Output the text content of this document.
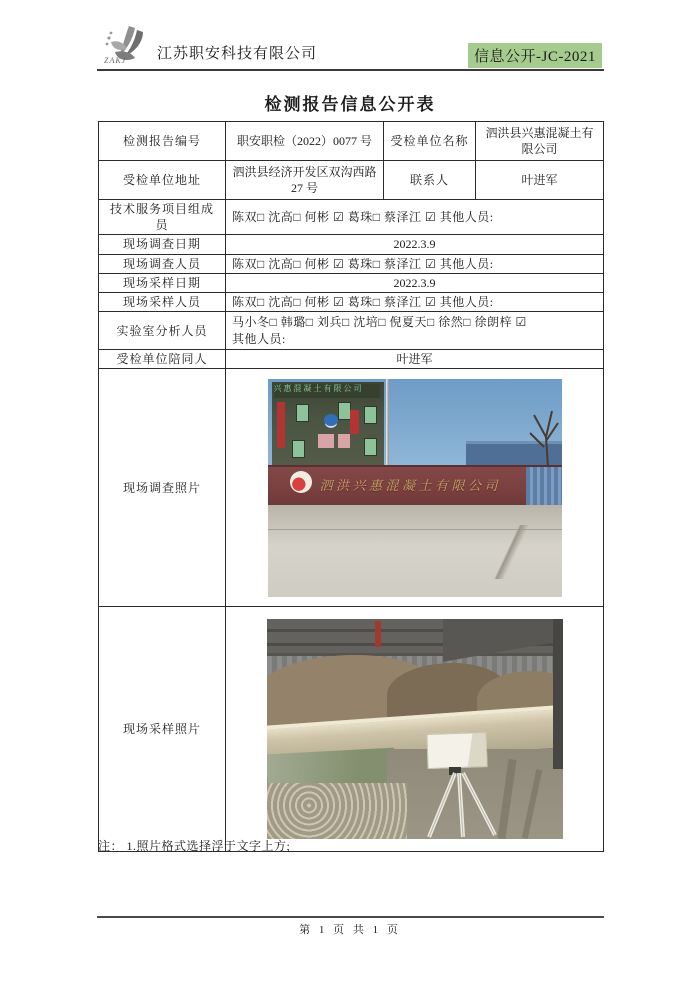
ZAKJ 江苏职安科技有限公司	信息公开-JC-2021
检测报告信息公开表
检测报告编号	职安职检（2022）0077 号	受检单位名称	泗洪县兴惠混凝土有限公司
受检单位地址	泗洪县经济开发区双沟西路 27 号	联系人	叶进军
技术服务项目组成员	陈双□ 沈高□ 何彬 ☑ 葛珠□ 蔡泽江 ☑ 其他人员:		
现场调查日期	2022.3.9		
现场调查人员	陈双□ 沈高□ 何彬 ☑ 葛珠□ 蔡泽江 ☑ 其他人员:		
现场采样日期	2022.3.9		
现场采样人员	陈双□ 沈高□ 何彬 ☑ 葛珠□ 蔡泽江 ☑ 其他人员:		
实验室分析人员	马小冬□ 韩璐□ 刘兵□ 沈培□ 倪夏天□ 徐然□ 徐朗梓 ☑
其他人员:		

受检单位陪同人	叶进军		
现场调查照片	兴惠混凝土有限公司
泗洪兴惠混凝土有限公司		

现场采样照片	
注： 1.照片格式选择浮于文字上方;
第 1 页 共 1 页
